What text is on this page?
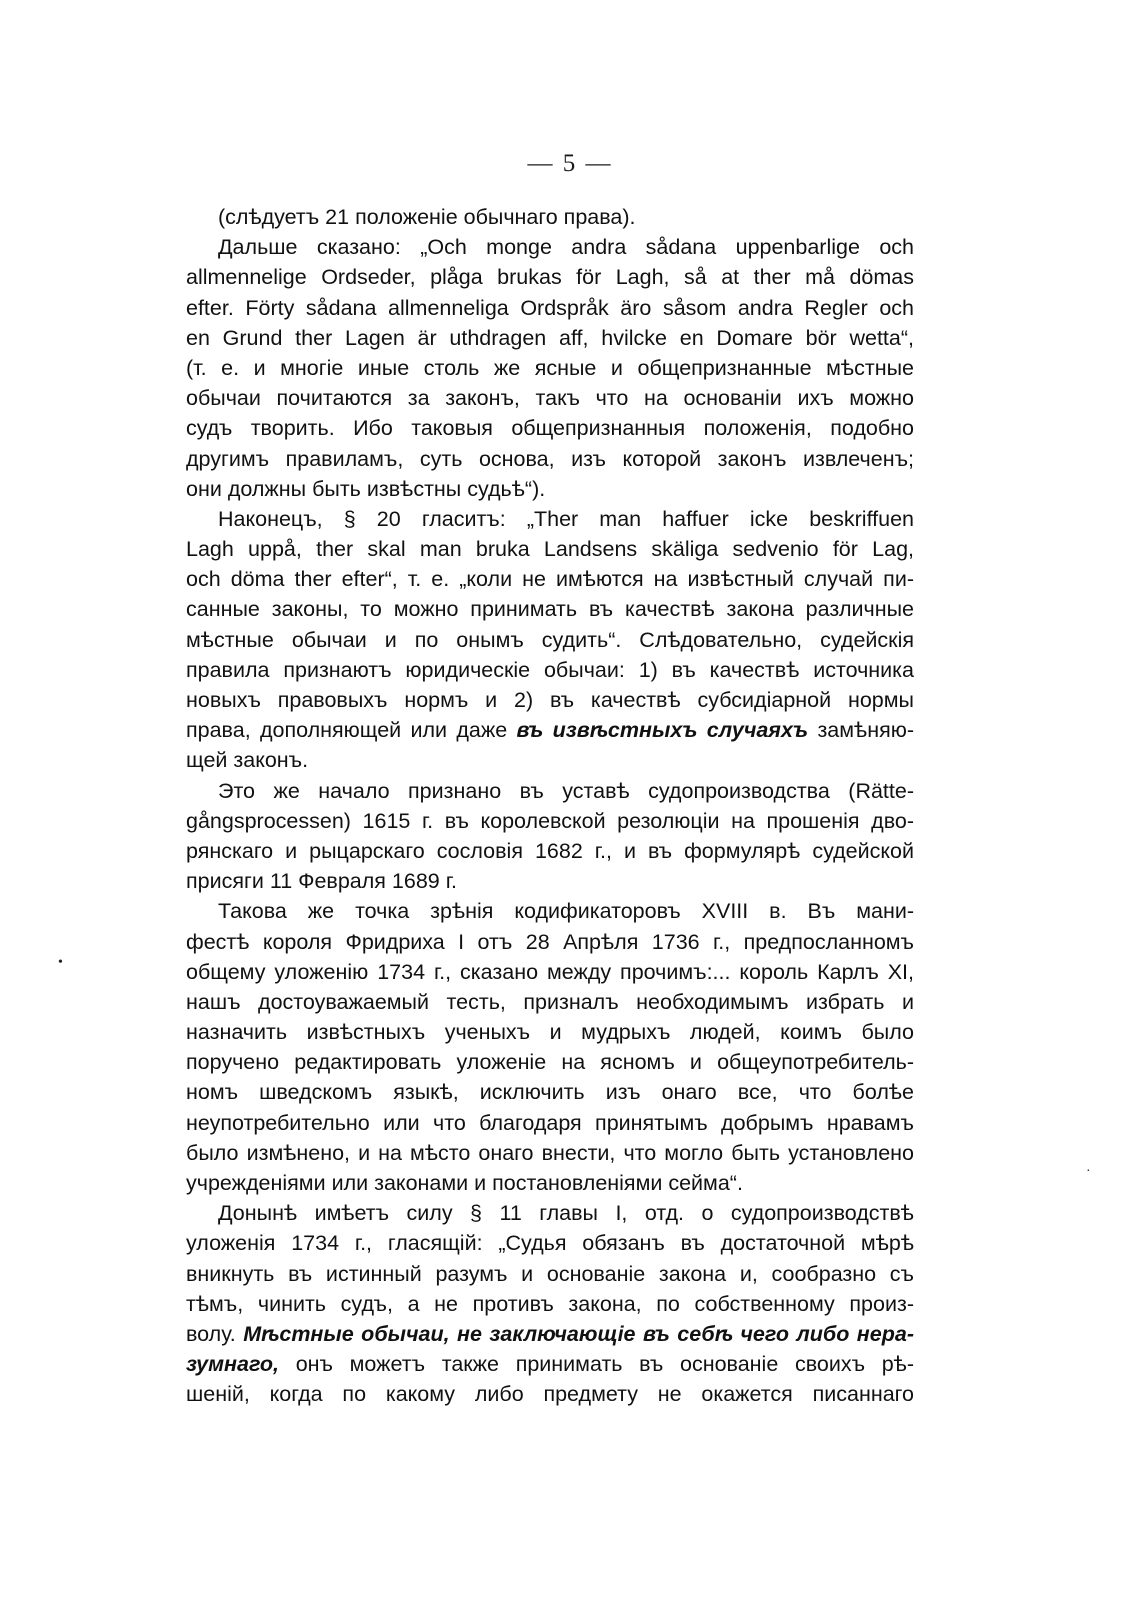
— 5 —
(слѣдуетъ 21 положеніе обычнаго права).
Дальше сказано: „Och monge andra sådana uppenbarlige och
allmennelige Ordseder, plåga brukas för Lagh, så at ther må dömas
efter. Förty sådana allmenneliga Ordspråk äro såsom andra Regler och
en Grund ther Lagen är uthdragen aff, hvilcke en Domare bör wetta“,
(т. е. и многіе иные столь же ясные и общепризнанные мѣстные
обычаи почитаются за законъ, такъ что на основаніи ихъ можно
судъ творить. Ибо таковыя общепризнанныя положенія, подобно
другимъ правиламъ, суть основа, изъ которой законъ извлеченъ;
они должны быть извѣстны судьѣ“).
Наконецъ, § 20 гласитъ: „Ther man haffuer icke beskriffuen
Lagh uppå, ther skal man bruka Landsens skäliga sedvenio för Lag,
och döma ther efter“, т. е. „коли не имѣются на извѣстный случай пи-
санные законы, то можно принимать въ качествѣ закона различные
мѣстные обычаи и по онымъ судить“. Слѣдовательно, судейскія
правила признаютъ юридическіе обычаи: 1) въ качествѣ источника
новыхъ правовыхъ нормъ и 2) въ качествѣ субсидіарной нормы
права, дополняющей или даже въ извѣстныхъ случаяхъ замѣняю-
щей законъ.
Это же начало признано въ уставѣ судопроизводства (Rätte-
gångsprocessen) 1615 г. въ королевской резолюціи на прошенія дво-
рянскаго и рыцарскаго сословія 1682 г., и въ формулярѣ судейской
присяги 11 Февраля 1689 г.
Такова же точка зрѣнія кодификаторовъ XVIII в. Въ мани-
фестѣ короля Фридриха I отъ 28 Апрѣля 1736 г., предпосланномъ
общему уложенію 1734 г., сказано между прочимъ:... король Карлъ XI,
нашъ достоуважаемый тесть, призналъ необходимымъ избрать и
назначить извѣстныхъ ученыхъ и мудрыхъ людей, коимъ было
поручено редактировать уложеніе на ясномъ и общеупотребитель-
номъ шведскомъ языкѣ, исключить изъ онаго все, что болѣе
неупотребительно или что благодаря принятымъ добрымъ нравамъ
было измѣнено, и на мѣсто онаго внести, что могло быть установлено
учрежденіями или законами и постановленіями сейма“.
Донынѣ имѣетъ силу § 11 главы I, отд. о судопроизводствѣ
уложенія 1734 г., гласящій: „Судья обязанъ въ достаточной мѣрѣ
вникнуть въ истинный разумъ и основаніе закона и, сообразно съ
тѣмъ, чинить судъ, а не противъ закона, по собственному произ-
волу. Мѣстные обычаи, не заключающіе въ себѣ чего либо нера-
зумнаго, онъ можетъ также принимать въ основаніе своихъ рѣ-
шеній, когда по какому либо предмету не окажется писаннаго
•
·
